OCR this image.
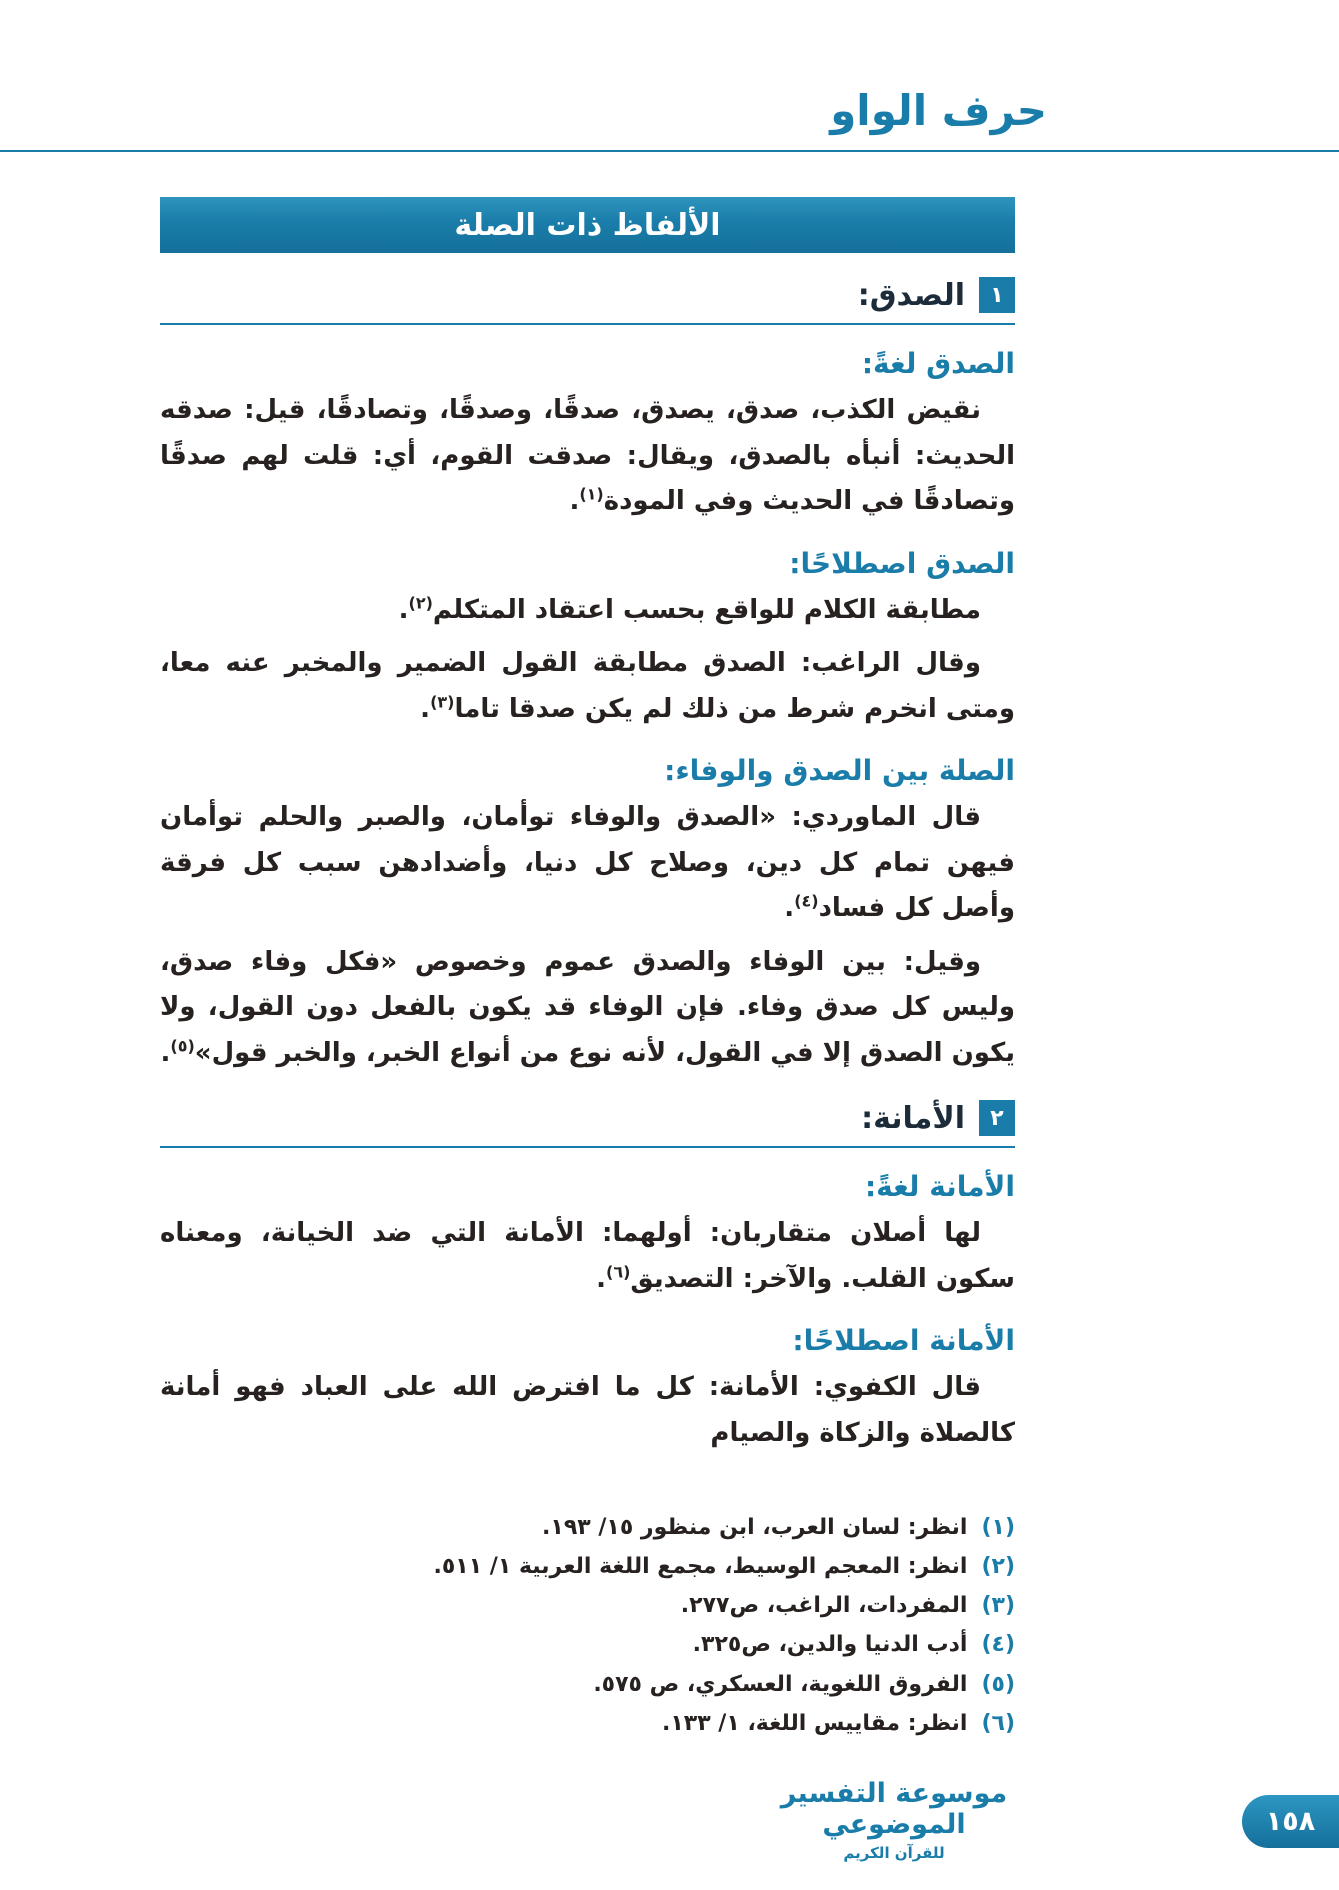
حرف الواو
الألفاظ ذات الصلة
١
الصدق:
الصدق لغةً:

نقيض الكذب، صدق، يصدق، صدقًا، وصدقًا، وتصادقًا، قيل: صدقه الحديث: أنبأه بالصدق، ويقال: صدقت القوم، أي: قلت لهم صدقًا وتصادقًا في الحديث وفي المودة$^{(١)}$.

الصدق اصطلاحًا:

مطابقة الكلام للواقع بحسب اعتقاد المتكلم$^{(٢)}$.

وقال الراغب: الصدق مطابقة القول الضمير والمخبر عنه معا، ومتى انخرم شرط من ذلك لم يكن صدقا تاما$^{(٣)}$.

الصلة بين الصدق والوفاء:

قال الماوردي: «الصدق والوفاء توأمان، والصبر والحلم توأمان فيهن تمام كل دين، وصلاح كل دنيا، وأضدادهن سبب كل فرقة وأصل كل فساد$^{(٤)}$.

وقيل: بين الوفاء والصدق عموم وخصوص «فكل وفاء صدق، وليس كل صدق وفاء. فإن الوفاء قد يكون بالفعل دون القول، ولا يكون الصدق إلا في القول، لأنه نوع من أنواع الخبر، والخبر قول»$^{(٥)}$.

٢
الأمانة:
الأمانة لغةً:

لها أصلان متقاربان: أولهما: الأمانة التي ضد الخيانة، ومعناه سكون القلب. والآخر: التصديق$^{(٦)}$.

الأمانة اصطلاحًا:

قال الكفوي: الأمانة: كل ما افترض الله على العباد فهو أمانة كالصلاة والزكاة والصيام

(١)انظر: لسان العرب، ابن منظور ١٥/ ١٩٣.
(٢)انظر: المعجم الوسيط، مجمع اللغة العربية ١/ ٥١١.
(٣)المفردات، الراغب، ص٢٧٧.
(٤)أدب الدنيا والدين، ص٣٢٥.
(٥)الفروق اللغوية، العسكري، ص ٥٧٥.
(٦)انظر: مقاييس اللغة، ١/ ١٣٣.
موسوعة التفسير الموضوعي
للقرآن الكريم
١٥٨
